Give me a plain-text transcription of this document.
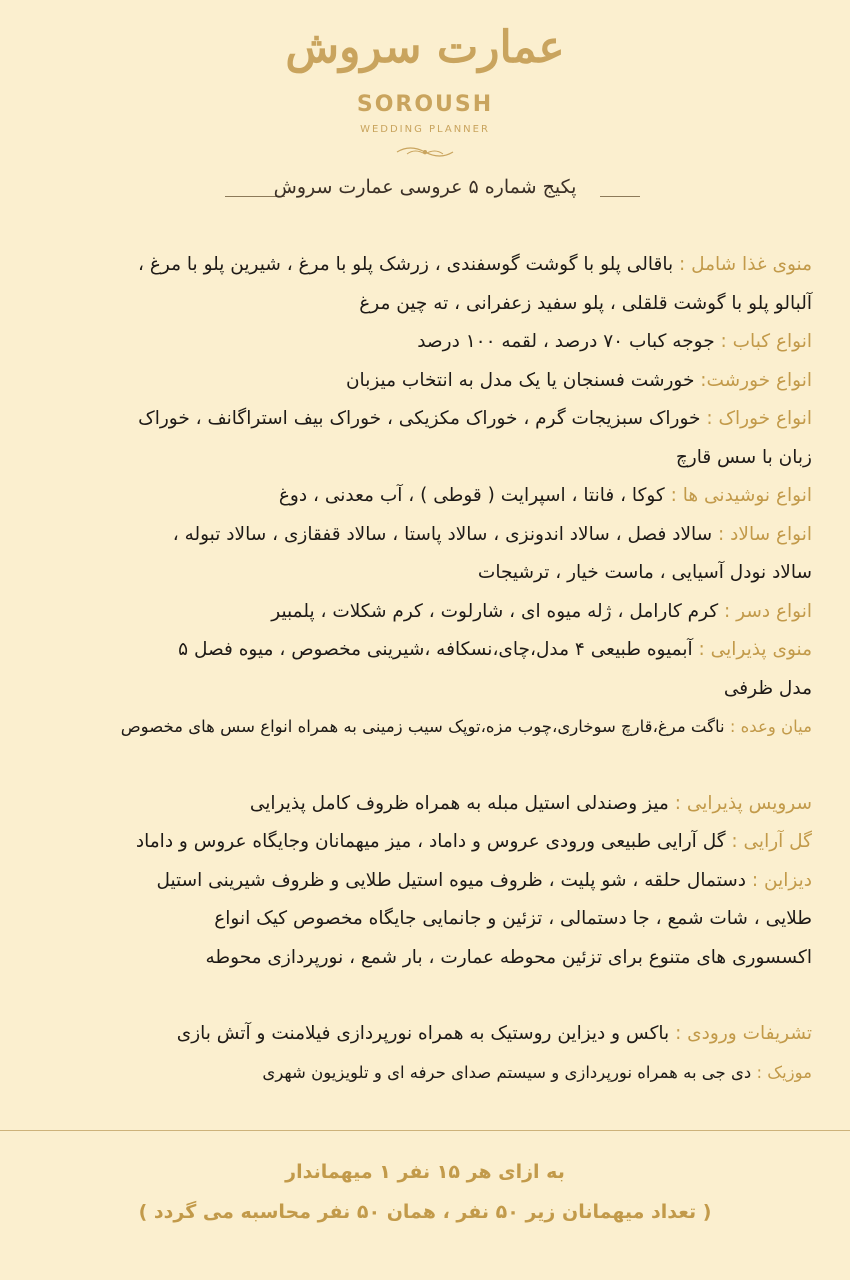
عمارت سروش
SOROUSH
WEDDING PLANNER
پکیج شماره ۵ عروسی عمارت سروش
منوی غذا شامل : باقالی پلو با گوشت گوسفندی ، زرشک پلو با مرغ ، شیرین پلو با مرغ ،
آلبالو پلو با گوشت قلقلی ، پلو سفید زعفرانی ، ته چین مرغ
انواع کباب : جوجه کباب ۷۰ درصد ، لقمه ۱۰۰ درصد
انواع خورشت: خورشت فسنجان یا یک مدل به انتخاب میزبان
انواع خوراک : خوراک سبزیجات گرم ، خوراک مکزیکی ، خوراک بیف استراگانف ، خوراک
زبان با سس قارچ
انواع نوشیدنی ها : کوکا ، فانتا ، اسپرایت ( قوطی ) ، آب معدنی ، دوغ
انواع سالاد : سالاد فصل ، سالاد اندونزی ، سالاد پاستا ، سالاد قفقازی ، سالاد تبوله ،
سالاد نودل آسیایی ، ماست خیار ، ترشیجات
انواع دسر : کرم کارامل ، ژله میوه ای ، شارلوت ، کرم شکلات ، پلمبیر
منوی پذیرایی : آبمیوه طبیعی ۴ مدل،چای،نسکافه ،شیرینی مخصوص ، میوه فصل ۵
مدل ظرفی
میان وعده : ناگت مرغ،قارچ سوخاری،چوب مزه،توپک سیب زمینی به همراه انواع سس های مخصوص
سرویس پذیرایی : میز وصندلی استیل مبله به همراه ظروف کامل پذیرایی
گل آرایی : گل آرایی طبیعی ورودی عروس و داماد ، میز میهمانان وجایگاه عروس و داماد
دیزاین : دستمال حلقه ، شو پلیت ، ظروف میوه استیل طلایی و ظروف شیرینی استیل
طلایی ، شات شمع ، جا دستمالی ، تزئین و جانمایی جایگاه مخصوص کیک انواع
اکسسوری های متنوع برای تزئین محوطه عمارت ، بار شمع ، نورپردازی محوطه
تشریفات ورودی : باکس و دیزاین روستیک به همراه نورپردازی فیلامنت و آتش بازی
موزیک : دی جی به همراه نورپردازی و سیستم صدای حرفه ای و تلویزیون شهری
به ازای هر ۱۵ نفر ۱ میهماندار
( تعداد میهمانان زیر ۵۰ نفر ، همان ۵۰ نفر محاسبه می گردد )
